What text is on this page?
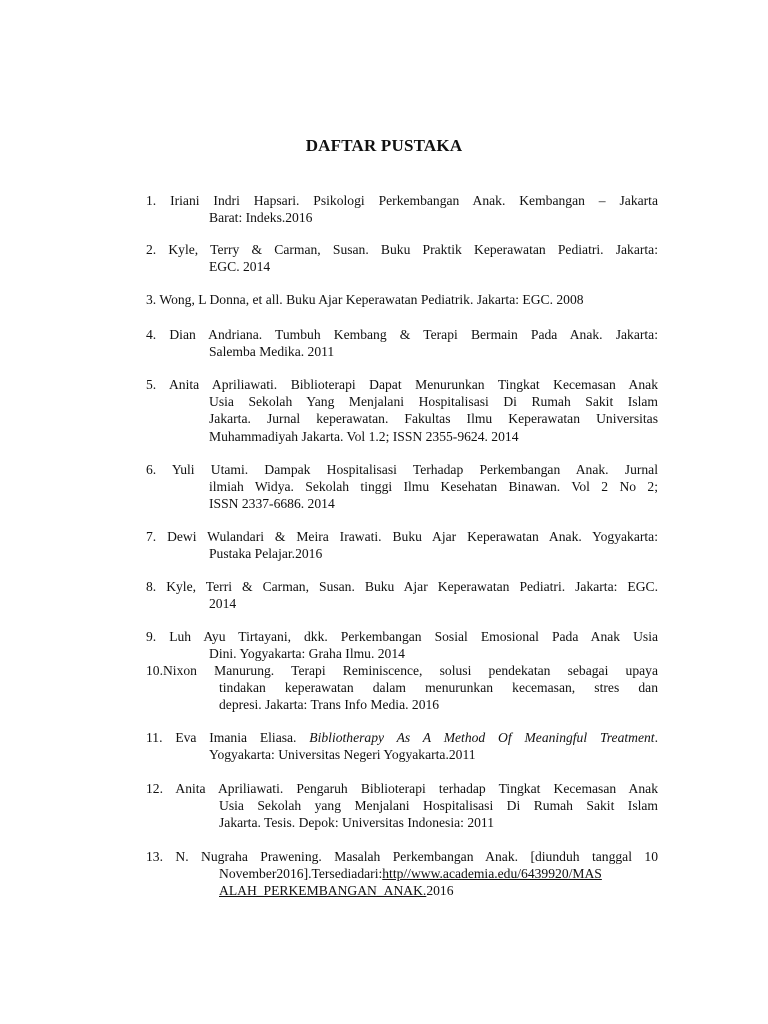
DAFTAR PUSTAKA
1. Iriani Indri Hapsari. Psikologi Perkembangan Anak. Kembangan – Jakarta
Barat: Indeks.2016
2. Kyle, Terry & Carman, Susan. Buku Praktik Keperawatan Pediatri. Jakarta:
EGC. 2014
3. Wong, L Donna, et all. Buku Ajar Keperawatan Pediatrik. Jakarta: EGC. 2008
4. Dian Andriana. Tumbuh Kembang & Terapi Bermain Pada Anak. Jakarta:
Salemba Medika. 2011
5. Anita Apriliawati. Biblioterapi Dapat Menurunkan Tingkat Kecemasan Anak
Usia Sekolah Yang Menjalani Hospitalisasi Di Rumah Sakit Islam
Jakarta. Jurnal keperawatan. Fakultas Ilmu Keperawatan Universitas
Muhammadiyah Jakarta. Vol 1.2; ISSN 2355-9624. 2014
6. Yuli Utami. Dampak Hospitalisasi Terhadap Perkembangan Anak. Jurnal
ilmiah Widya. Sekolah tinggi Ilmu Kesehatan Binawan. Vol 2 No 2;
ISSN 2337-6686. 2014
7. Dewi Wulandari & Meira Irawati. Buku Ajar Keperawatan Anak. Yogyakarta:
Pustaka Pelajar.2016
8. Kyle, Terri & Carman, Susan. Buku Ajar Keperawatan Pediatri. Jakarta: EGC.
2014
9. Luh Ayu Tirtayani, dkk. Perkembangan Sosial Emosional Pada Anak Usia
Dini. Yogyakarta: Graha Ilmu. 2014
10.Nixon Manurung. Terapi Reminiscence, solusi pendekatan sebagai upaya
tindakan keperawatan dalam menurunkan kecemasan, stres dan
depresi. Jakarta: Trans Info Media. 2016
11. Eva Imania Eliasa. Bibliotherapy As A Method Of Meaningful Treatment.
Yogyakarta: Universitas Negeri Yogyakarta.2011
12. Anita Apriliawati. Pengaruh Biblioterapi terhadap Tingkat Kecemasan Anak
Usia Sekolah yang Menjalani Hospitalisasi Di Rumah Sakit Islam
Jakarta. Tesis. Depok: Universitas Indonesia: 2011
13. N. Nugraha Prawening. Masalah Perkembangan Anak. [diunduh tanggal 10
November2016].Tersediadari:http//www.academia.edu/6439920/MAS
ALAH_PERKEMBANGAN_ANAK.2016
